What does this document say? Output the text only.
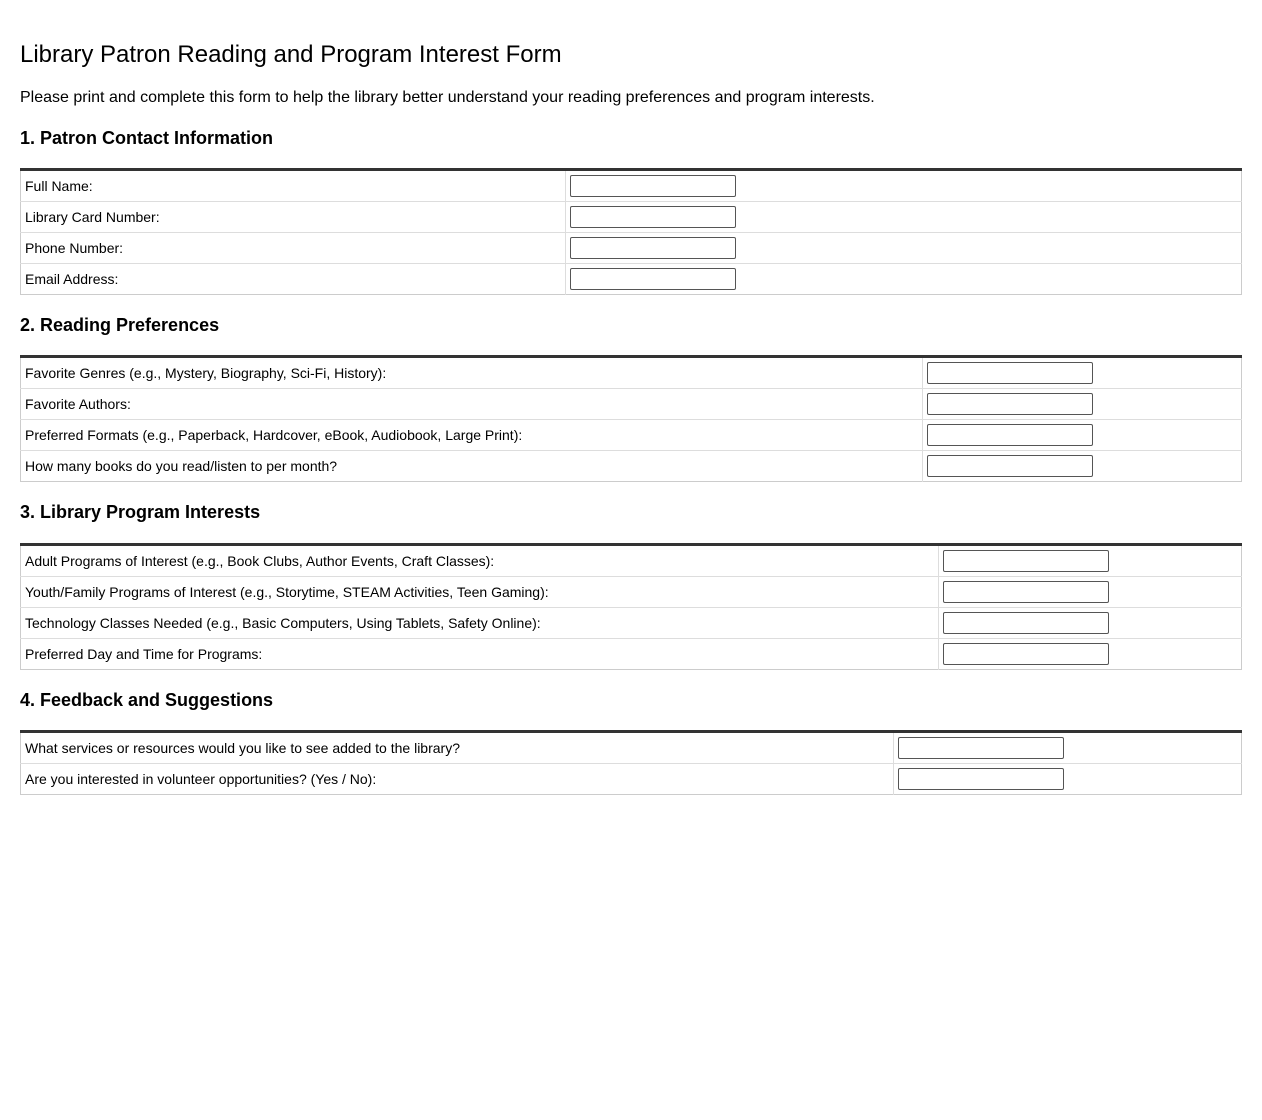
Library Patron Reading and Program Interest Form

Please print and complete this form to help the library better understand your reading preferences and program interests.

1. Patron Contact Information
Full Name:	
Library Card Number:	
Phone Number:	
Email Address:	
2. Reading Preferences
Favorite Genres (e.g., Mystery, Biography, Sci-Fi, History):	
Favorite Authors:	
Preferred Formats (e.g., Paperback, Hardcover, eBook, Audiobook, Large Print):	
How many books do you read/listen to per month?	
3. Library Program Interests
Adult Programs of Interest (e.g., Book Clubs, Author Events, Craft Classes):	
Youth/Family Programs of Interest (e.g., Storytime, STEAM Activities, Teen Gaming):	
Technology Classes Needed (e.g., Basic Computers, Using Tablets, Safety Online):	
Preferred Day and Time for Programs:	
4. Feedback and Suggestions
What services or resources would you like to see added to the library?	
Are you interested in volunteer opportunities? (Yes / No):	
